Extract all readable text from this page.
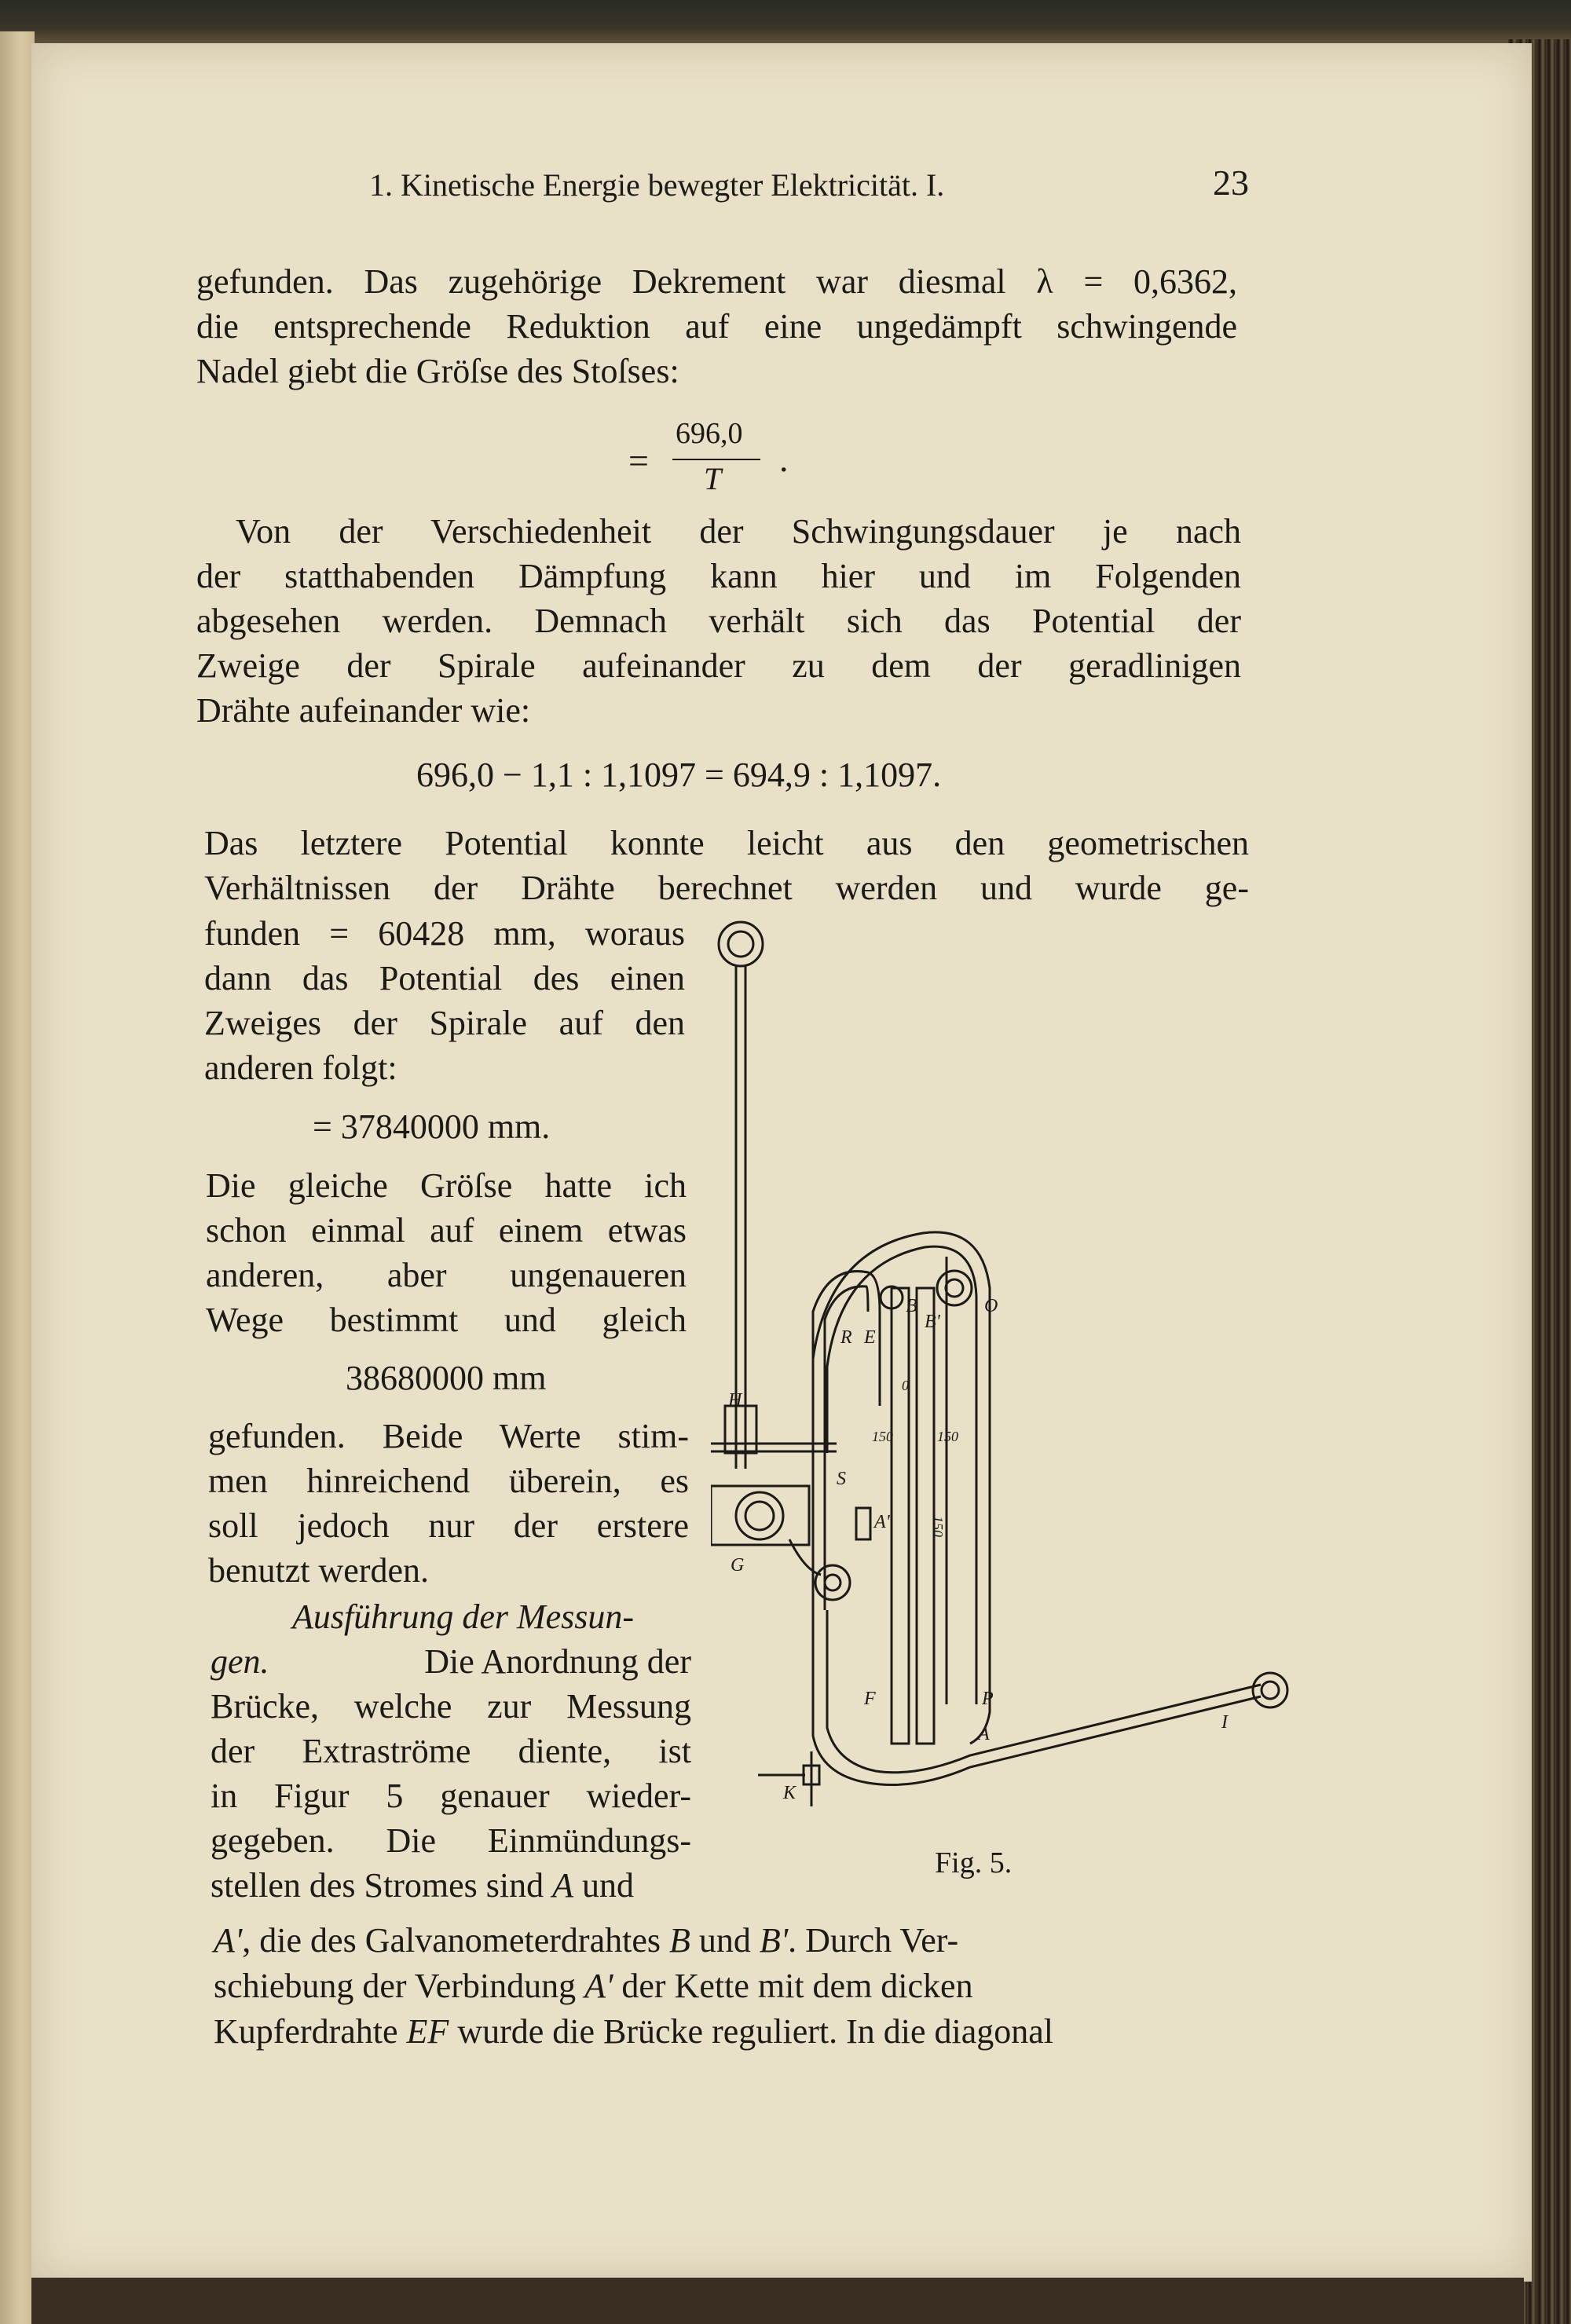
1. Kinetische Energie bewegter Elektricität. I.	23
gefunden. Das zugehörige Dekrement war diesmal λ = 0,6362,
die entsprechende Reduktion auf eine ungedämpft schwingende
Nadel giebt die Gröſse des Stoſses:
=
696,0
T .
Von der Verschiedenheit der Schwingungsdauer je nach
der statthabenden Dämpfung kann hier und im Folgenden
abgesehen werden. Demnach verhält sich das Potential der
Zweige der Spirale aufeinander zu dem der geradlinigen
Drähte aufeinander wie:
696,0 − 1,1 : 1,1097 = 694,9 : 1,1097.
Das letztere Potential konnte leicht aus den geometrischen
Verhältnissen der Drähte berechnet werden und wurde ge-
funden = 60428 mm, woraus
dann das Potential des einen
Zweiges der Spirale auf den
anderen folgt:
= 37840000 mm.
Die gleiche Gröſse hatte ich
schon einmal auf einem etwas
anderen, aber ungenaueren
Wege bestimmt und gleich
38680000 mm
gefunden. Beide Werte stim-
men hinreichend überein, es
soll jedoch nur der erstere
benutzt werden.
Ausführung der Messun-
gen.	Die Anordnung der
Brücke, welche zur Messung
der Extraströme diente, ist
in Figur 5 genauer wieder-
gegeben. Die Einmündungs-
stellen des Stromes sind A und
A', die des Galvanometerdrahtes B und B'. Durch Ver-
schiebung der Verbindung A' der Kette mit dem dicken
Kupferdrahte EF wurde die Brücke reguliert. In die diagonal
R E
B
B'
O
H
S
G
A'
F	P
A
I
K
150	150
150
0
Fig. 5.
